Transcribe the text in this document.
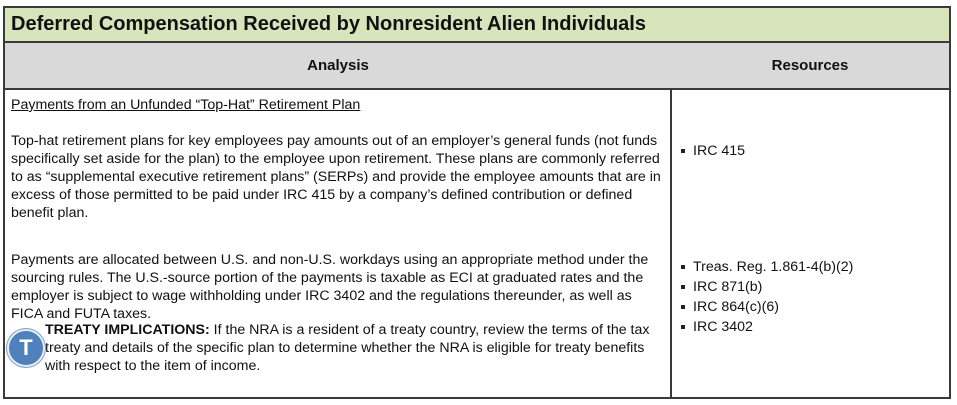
Deferred Compensation Received by Nonresident Alien Individuals
Analysis	Resources

Payments from an Unfunded “Top-Hat” Retirement Plan

Top-hat retirement plans for key employees pay amounts out of an employer’s general funds (not funds specifically set aside for the plan) to the employee upon retirement. These plans are commonly referred to as “supplemental executive retirement plans” (SERPs) and provide the employee amounts that are in excess of those permitted to be paid under IRC 415 by a company’s defined contribution or defined benefit plan.

Payments are allocated between U.S. and non-U.S. workdays using an appropriate method under the sourcing rules. The U.S.-source portion of the payments is taxable as ECI at graduated rates and the employer is subject to wage withholding under IRC 3402 and the regulations thereunder, as well as FICA and FUTA taxes.

T

TREATY IMPLICATIONS: If the NRA is a resident of a treaty country, review the terms of the tax treaty and details of the specific plan to determine whether the NRA is eligible for treaty benefits with respect to the item of income.

IRC 415
Treas. Reg. 1.861-4(b)(2)
IRC 871(b)
IRC 864(c)(6)
IRC 3402
